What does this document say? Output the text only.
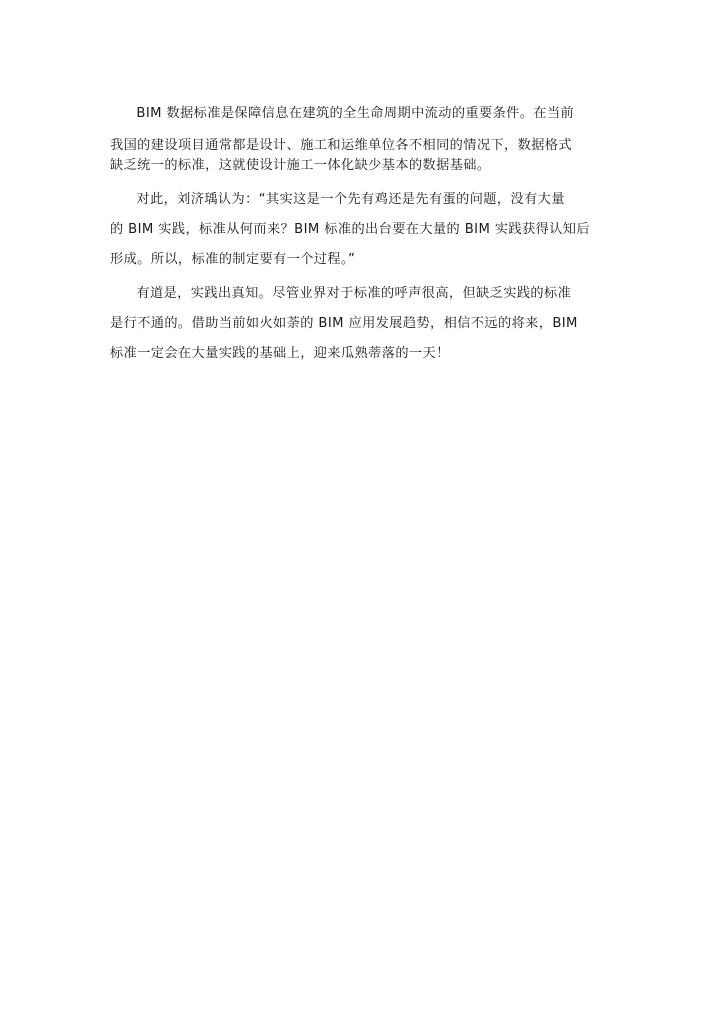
BIM 数据标准是保障信息在建筑的全生命周期中流动的重要条件。在当前
我国的建设项目通常都是设计、施工和运维单位各不相同的情况下，数据格式
缺乏统一的标准，这就使设计施工一体化缺少基本的数据基础。
对此，刘济瑀认为：“其实这是一个先有鸡还是先有蛋的问题，没有大量
的 BIM 实践，标准从何而来？BIM 标准的出台要在大量的 BIM 实践获得认知后
形成。所以，标准的制定要有一个过程。”
有道是，实践出真知。尽管业界对于标准的呼声很高，但缺乏实践的标准
是行不通的。借助当前如火如荼的 BIM 应用发展趋势，相信不远的将来，BIM
标准一定会在大量实践的基础上，迎来瓜熟蒂落的一天！
